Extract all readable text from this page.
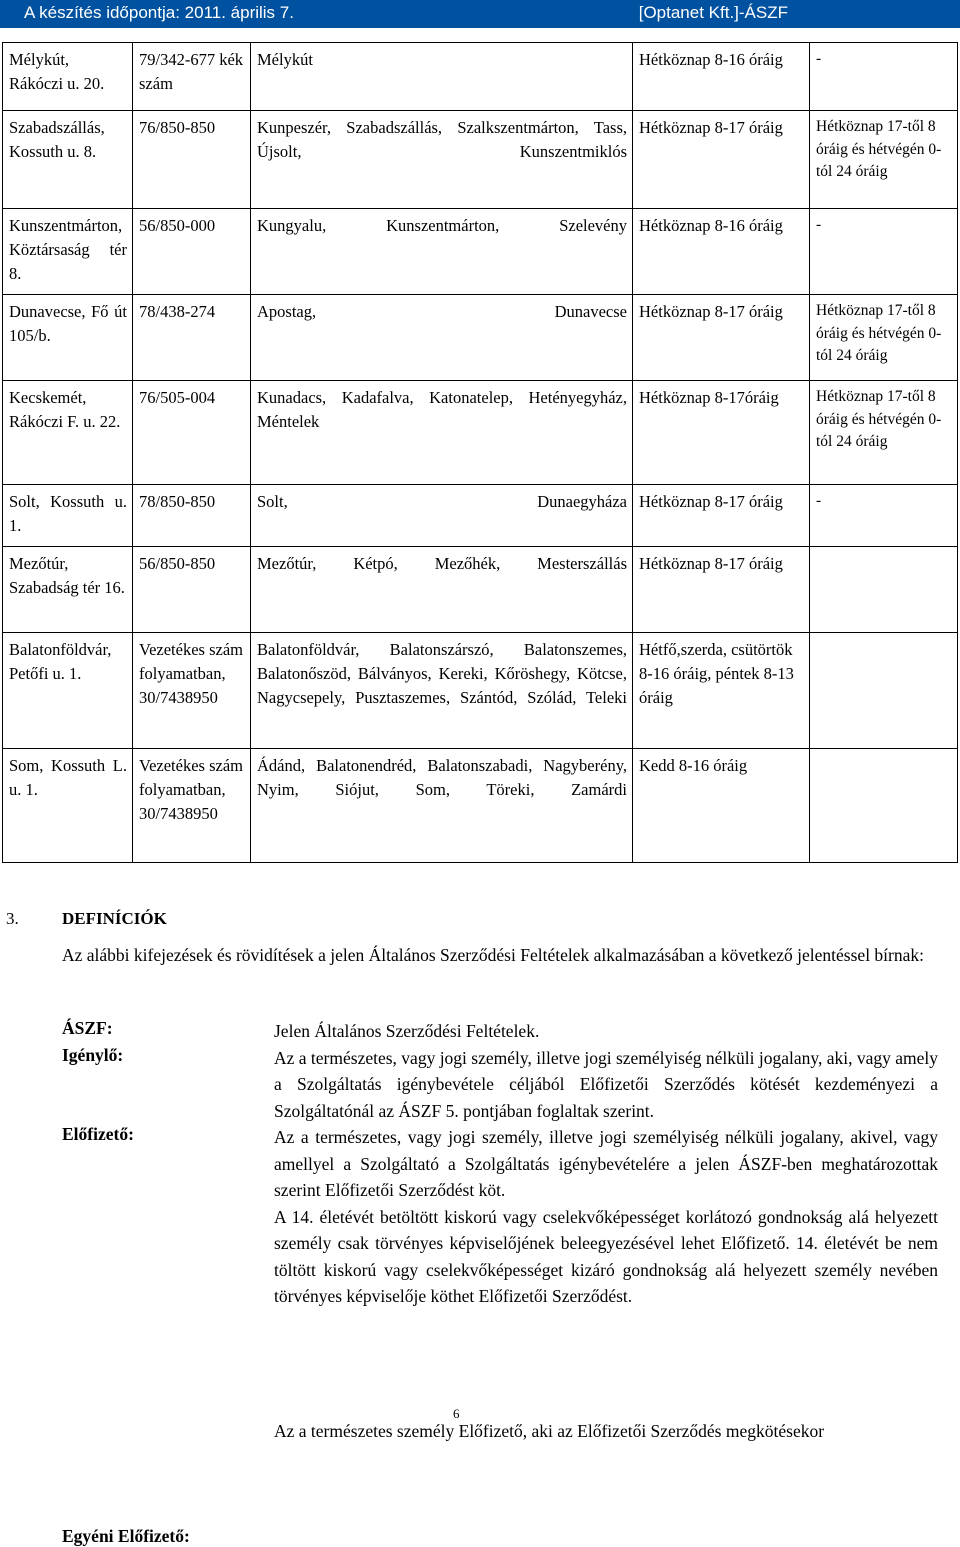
A készítés időpontja: 2011. április 7.	[Optanet Kft.]-ÁSZF
Mélykút, Rákóczi u. 20.	79/342-677 kék szám	Mélykút	Hétköznap 8-16 óráig	-
Szabadszállás, Kossuth u. 8.	76/850-850	Kunpeszér, Szabadszállás, Szalkszentmárton, Tass, Újsolt, Kunszentmiklós	Hétköznap 8-17 óráig	Hétköznap 17-től 8 óráig és hétvégén 0-tól 24 óráig
Kunszentmárton, Köztársaság tér 8.	56/850-000	Kungyalu, Kunszentmárton, Szelevény	Hétköznap 8-16 óráig	-
Dunavecse, Fő út 105/b.	78/438-274	Apostag, Dunavecse	Hétköznap 8-17 óráig	Hétköznap 17-től 8 óráig és hétvégén 0-tól 24 óráig
Kecskemét, Rákóczi F. u. 22.	76/505-004	Kunadacs, Kadafalva, Katonatelep, Hetényegyház, Méntelek	Hétköznap 8-17óráig	Hétköznap 17-től 8 óráig és hétvégén 0-tól 24 óráig
Solt, Kossuth u. 1.	78/850-850	Solt, Dunaegyháza	Hétköznap 8-17 óráig	-
Mezőtúr, Szabadság tér 16.	56/850-850	Mezőtúr, Kétpó, Mezőhék, Mesterszállás	Hétköznap 8-17 óráig	
Balatonföldvár, Petőfi u. 1.	Vezetékes szám folyamatban, 30/7438950	Balatonföldvár, Balatonszárszó, Balatonszemes, Balatonőszöd, Bálványos, Kereki, Kőröshegy, Kötcse, Nagycsepely, Pusztaszemes, Szántód, Szólád, Teleki	Hétfő,szerda, csütörtök 8-16 óráig, péntek 8-13 óráig	
Som, Kossuth L. u. 1.	Vezetékes szám folyamatban, 30/7438950	Ádánd, Balatonendréd, Balatonszabadi, Nagyberény, Nyim, Siójut, Som, Töreki, Zamárdi	Kedd 8-16 óráig	
3.	DEFINÍCIÓK
Az alábbi kifejezések és rövidítések a jelen Általános Szerződési Feltételek alkalmazásában a következő jelentéssel bírnak:
ÁSZF:	Jelen Általános Szerződési Feltételek.

Igénylő:	Az a természetes, vagy jogi személy, illetve jogi személyiség nélküli jogalany, aki, vagy amely a Szolgáltatás igénybevétele céljából Előfizetői Szerződés kötését kezdeményezi a Szolgáltatónál az ÁSZF 5. pontjában foglaltak szerint.

Előfizető:	Az a természetes, vagy jogi személy, illetve jogi személyiség nélküli jogalany, akivel, vagy amellyel a Szolgáltató a Szolgáltatás igénybevételére a jelen ÁSZF-ben meghatározottak szerint Előfizetői Szerződést köt.

A 14. életévét betöltött kiskorú vagy cselekvőképességet korlátozó gondnokság alá helyezett személy csak törvényes képviselőjének beleegyezésével lehet Előfizető. 14. életévét be nem töltött kiskorú vagy cselekvőképességet kizáró gondnokság alá helyezett személy nevében törvényes képviselője köthet Előfizetői Szerződést.

Egyéni Előfizető:

Az a természetes személy Előfizető, aki az Előfizetői Szerződés megkötésekor

6
